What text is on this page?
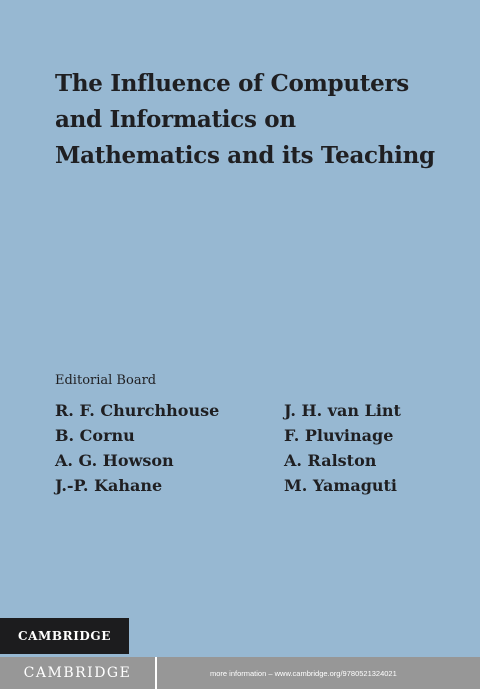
The Influence of Computers
and Informatics on
Mathematics and its Teaching
Editorial Board
R. F. Churchhouse
B. Cornu
A. G. Howson
J.-P. Kahane
J. H. van Lint
F. Pluvinage
A. Ralston
M. Yamaguti
CAMBRIDGE
CAMBRIDGE	more information – www.cambridge.org/9780521324021
